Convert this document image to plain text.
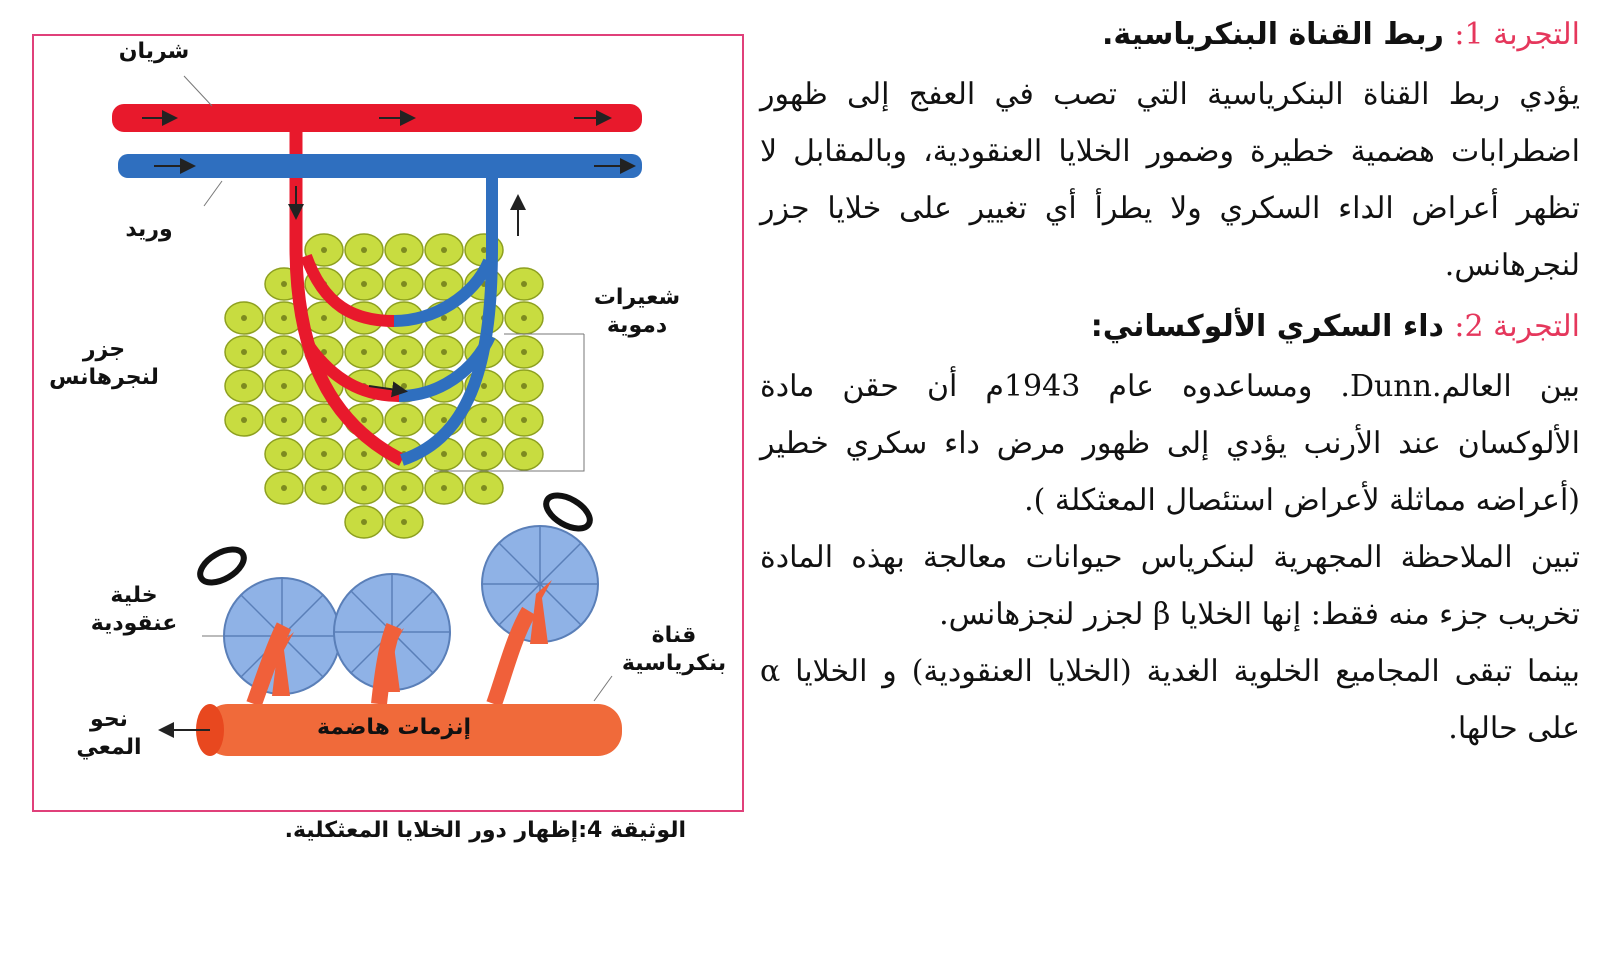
شريان
وريد
شعيرات
دموية
جزر
لنجرهانس
خلية
عنقودية	قناة
بنكرياسية
نحو
المعي
إنزمات هاضمة
الوثيقة 4:إظهار دور الخلايا المعثكلية.

التجربة 1: ربط القناة البنكرياسية.

يؤدي ربط القناة البنكرياسية التي تصب في العفج إلى ظهور اضطرابات هضمية خطيرة وضمور الخلايا العنقودية، وبالمقابل لا تظهر أعراض الداء السكري ولا يطرأ أي تغيير على خلايا جزر لنجرهانس.

التجربة 2: داء السكري الألوكساني:

بين العالم.Dunn. ومساعدوه عام 1943م أن حقن مادة الألوكسان عند الأرنب يؤدي إلى ظهور مرض داء سكري خطير (أعراضه مماثلة لأعراض استئصال المعثكلة ).

تبين الملاحظة المجهرية لبنكرياس حيوانات معالجة بهذه المادة تخريب جزء منه فقط: إنها الخلايا β لجزر لنجزهانس.

بينما تبقى المجاميع الخلوية الغدية (الخلايا العنقودية) و الخلايا α على حالها.
